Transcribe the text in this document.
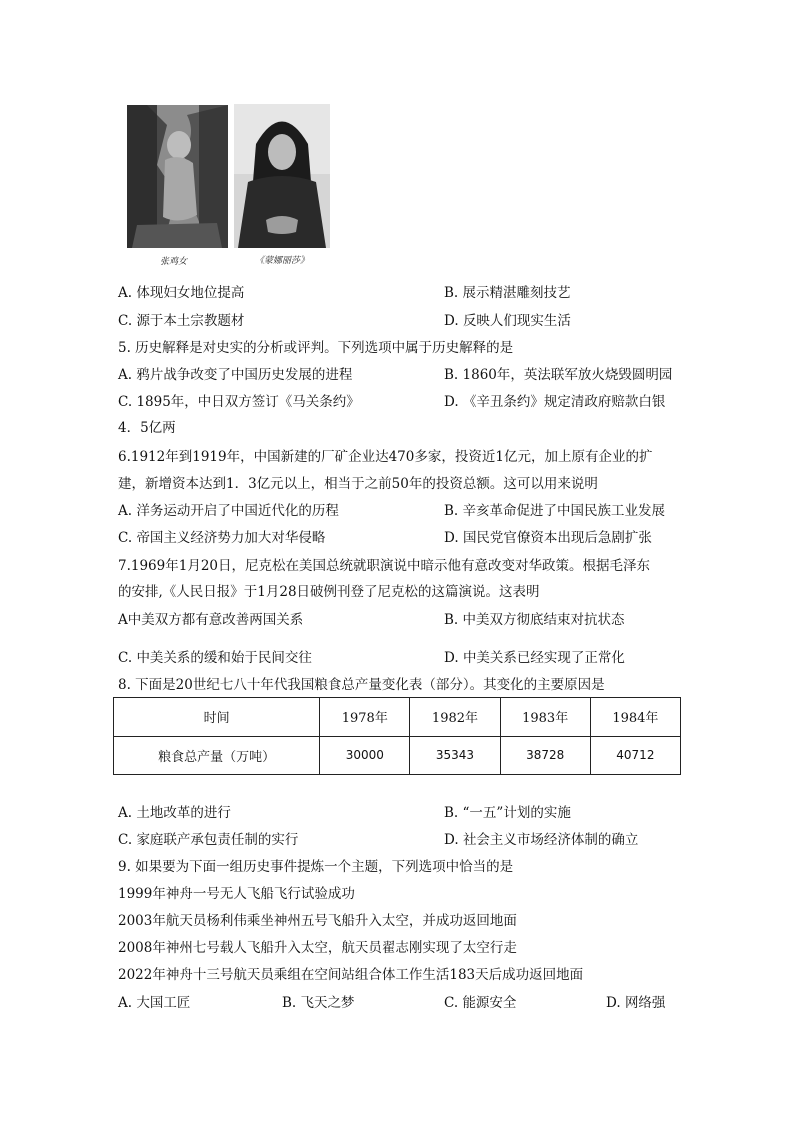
张鸡女	《蒙娜丽莎》
A. 体现妇女地位提高	B. 展示精湛雕刻技艺
C. 源于本土宗教题材	D. 反映人们现实生活
5. 历史解释是对史实的分析或评判。下列选项中属于历史解释的是
A. 鸦片战争改变了中国历史发展的进程	B. 1860年，英法联军放火烧毁圆明园
C. 1895年，中日双方签订《马关条约》	D. 《辛丑条约》规定清政府赔款白银
4．5亿两
6.1912年到1919年，中国新建的厂矿企业达470多家，投资近1亿元，加上原有企业的扩
建，新增资本达到1．3亿元以上，相当于之前50年的投资总额。这可以用来说明
A. 洋务运动开启了中国近代化的历程	B. 辛亥革命促进了中国民族工业发展
C. 帝国主义经济势力加大对华侵略	D. 国民党官僚资本出现后急剧扩张
7.1969年1月20日，尼克松在美国总统就职演说中暗示他有意改变对华政策。根据毛泽东
的安排,《人民日报》于1月28日破例刊登了尼克松的这篇演说。这表明
A中美双方都有意改善两国关系	B. 中美双方彻底结束对抗状态
C. 中美关系的缓和始于民间交往	D. 中美关系已经实现了正常化
8. 下面是20世纪七八十年代我国粮食总产量变化表（部分）。其变化的主要原因是
时间	1978年	1982年	1983年	1984年
粮食总产量（万吨）	30000	35343	38728	40712
A. 土地改革的进行	B. “一五”计划的实施
C. 家庭联产承包责任制的实行	D. 社会主义市场经济体制的确立
9. 如果要为下面一组历史事件提炼一个主题，下列选项中恰当的是
1999年神舟一号无人飞船飞行试验成功
2003年航天员杨利伟乘坐神州五号飞船升入太空，并成功返回地面
2008年神州七号载人飞船升入太空，航天员翟志刚实现了太空行走
2022年神舟十三号航天员乘组在空间站组合体工作生活183天后成功返回地面
A. 大国工匠	B. 飞天之梦	C. 能源安全	D. 网络强
